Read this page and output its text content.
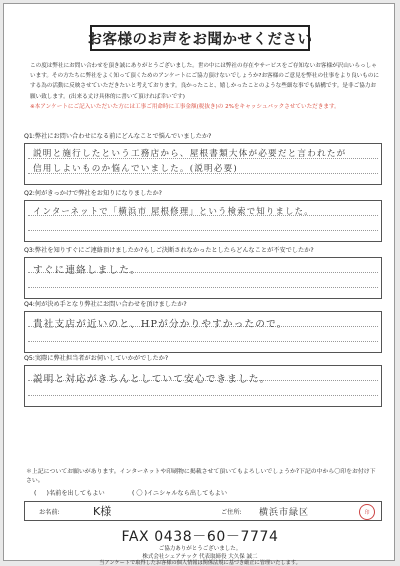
お客様のお声をお聞かせください

この度は弊社にお問い合わせを頂き誠にありがとうございました。世の中には弊社の存在やサービスをご存知ないお客様が沢山いらっしゃいます。その方たちに弊社をよく知って頂くためのアンケートにご協力頂けないでしょうか?お客様のご意見を弊社の仕事をより良いものにする為の活動に反映させていただきたいと考えております。良かったこと、嬉しかったことのような些細な事でも結構です。是非ご協力お願い致します。(出来る丈け具体的に書いて頂ければ幸いです)
※本アンケートにご記入いただいた方には工事ご用命時に工事金額(税抜き)の 2%をキャッシュバックさせていただきます。

Q1:弊社にお問い合わせになる前にどんなことで悩んでいましたか?
説明と施行したという工務店から、屋根書類大体が必要だと言われたが
信用しよいものか悩んでいました。(説明必要)
Q2:何がきっかけで弊社をお知りになりましたか?
インターネットで「横浜市 屋根修理」という検索で知りました。
Q3:弊社を知りすぐにご連絡頂けましたか?もしご決断されなかったとしたらどんなことが不安でしたか?
すぐに連絡しました。
Q4:何が決め手となり弊社にお問い合わせを頂けましたか?
貴社支店が近いのと、HPが分かりやすかったので。
Q5:実際に弊社担当者がお伺いしていかがでしたか?
説明と対応がきちんとしていて安心できました。
＊上記についてお願いがあります。インターネットや印刷物に掲載させて頂いてもよろしいでしょうか?下記の中から〇印をお付け下さい。
( 　 )名前を出してもよい	( 〇 )イニシャルなら出してもよい
お名前:	K様	ご住所:	横浜市緑区	印
FAX 0438－60－7774
ご協力ありがとうございました。
株式会社シェアテック 代表取締役 大久保 誠二
当アンケートで取得したお客様の個人情報は関係法規に基づき厳正に管理いたします。
